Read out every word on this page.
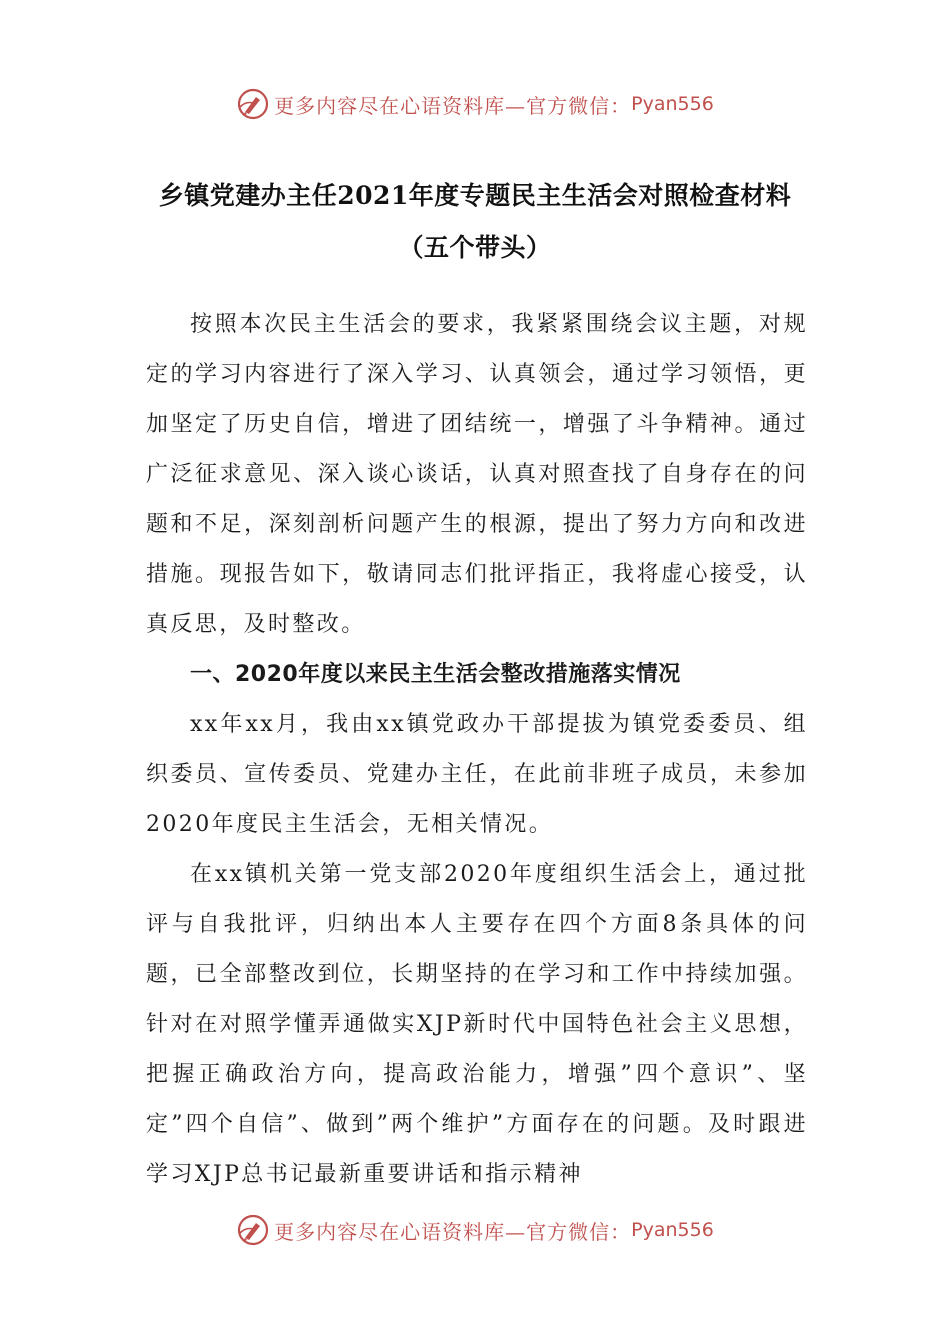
更多内容尽在心语资料库—官方微信： Pyan556
乡镇党建办主任2021年度专题民主生活会对照检查材料
（五个带头）

按照本次民主生活会的要求，我紧紧围绕会议主题，对规定的学习内容进行了深入学习、认真领会，通过学习领悟，更加坚定了历史自信，增进了团结统一，增强了斗争精神。通过广泛征求意见、深入谈心谈话，认真对照查找了自身存在的问题和不足，深刻剖析问题产生的根源，提出了努力方向和改进措施。现报告如下，敬请同志们批评指正，我将虚心接受，认真反思，及时整改。

一、2020年度以来民主生活会整改措施落实情况

xx年xx月，我由xx镇党政办干部提拔为镇党委委员、组织委员、宣传委员、党建办主任，在此前非班子成员，未参加2020年度民主生活会，无相关情况。

在xx镇机关第一党支部2020年度组织生活会上，通过批评与自我批评，归纳出本人主要存在四个方面8条具体的问题，已全部整改到位，长期坚持的在学习和工作中持续加强。针对在对照学懂弄通做实XJP新时代中国特色社会主义思想，把握正确政治方向，提高政治能力，增强”四个意识”、坚定”四个自信”、做到”两个维护”方面存在的问题。及时跟进学习XJP总书记最新重要讲话和指示精神

更多内容尽在心语资料库—官方微信： Pyan556
